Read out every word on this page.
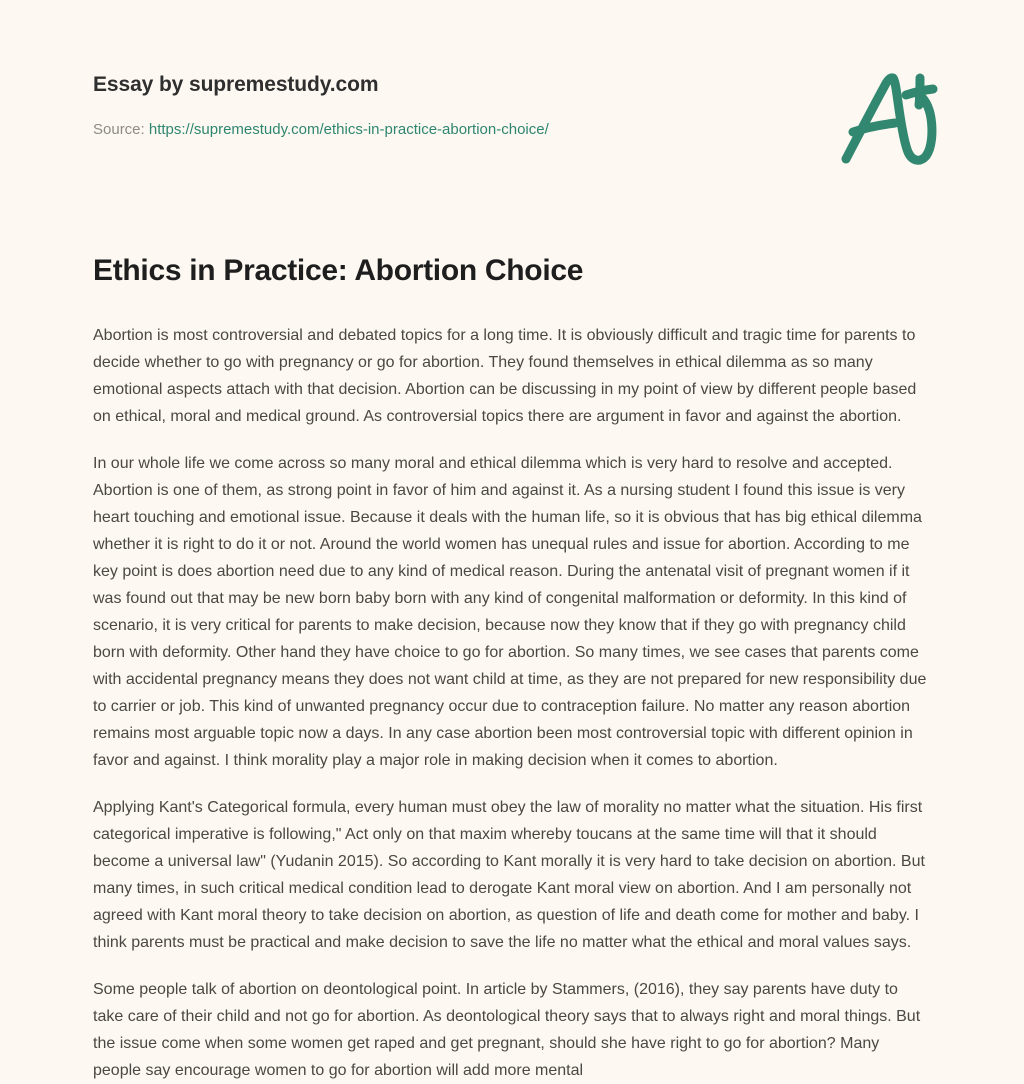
Essay by supremestudy.com
Source: https://supremestudy.com/ethics-in-practice-abortion-choice/
Ethics in Practice: Abortion Choice

Abortion is most controversial and debated topics for a long time. It is obviously difficult and tragic time for parents to decide whether to go with pregnancy or go for abortion. They found themselves in ethical dilemma as so many emotional aspects attach with that decision. Abortion can be discussing in my point of view by different people based on ethical, moral and medical ground. As controversial topics there are argument in favor and against the abortion.

In our whole life we come across so many moral and ethical dilemma which is very hard to resolve and accepted. Abortion is one of them, as strong point in favor of him and against it. As a nursing student I found this issue is very heart touching and emotional issue. Because it deals with the human life, so it is obvious that has big ethical dilemma whether it is right to do it or not. Around the world women has unequal rules and issue for abortion. According to me key point is does abortion need due to any kind of medical reason. During the antenatal visit of pregnant women if it was found out that may be new born baby born with any kind of congenital malformation or deformity. In this kind of scenario, it is very critical for parents to make decision, because now they know that if they go with pregnancy child born with deformity. Other hand they have choice to go for abortion. So many times, we see cases that parents come with accidental pregnancy means they does not want child at time, as they are not prepared for new responsibility due to carrier or job. This kind of unwanted pregnancy occur due to contraception failure. No matter any reason abortion remains most arguable topic now a days. In any case abortion been most controversial topic with different opinion in favor and against. I think morality play a major role in making decision when it comes to abortion.

Applying Kant's Categorical formula, every human must obey the law of morality no matter what the situation. His first categorical imperative is following," Act only on that maxim whereby toucans at the same time will that it should become a universal law" (Yudanin 2015). So according to Kant morally it is very hard to take decision on abortion. But many times, in such critical medical condition lead to derogate Kant moral view on abortion. And I am personally not agreed with Kant moral theory to take decision on abortion, as question of life and death come for mother and baby. I think parents must be practical and make decision to save the life no matter what the ethical and moral values says.

Some people talk of abortion on deontological point. In article by Stammers, (2016), they say parents have duty to take care of their child and not go for abortion. As deontological theory says that to always right and moral things. But the issue come when some women get raped and get pregnant, should she have right to go for abortion? Many people say encourage women to go for abortion will add more mental
